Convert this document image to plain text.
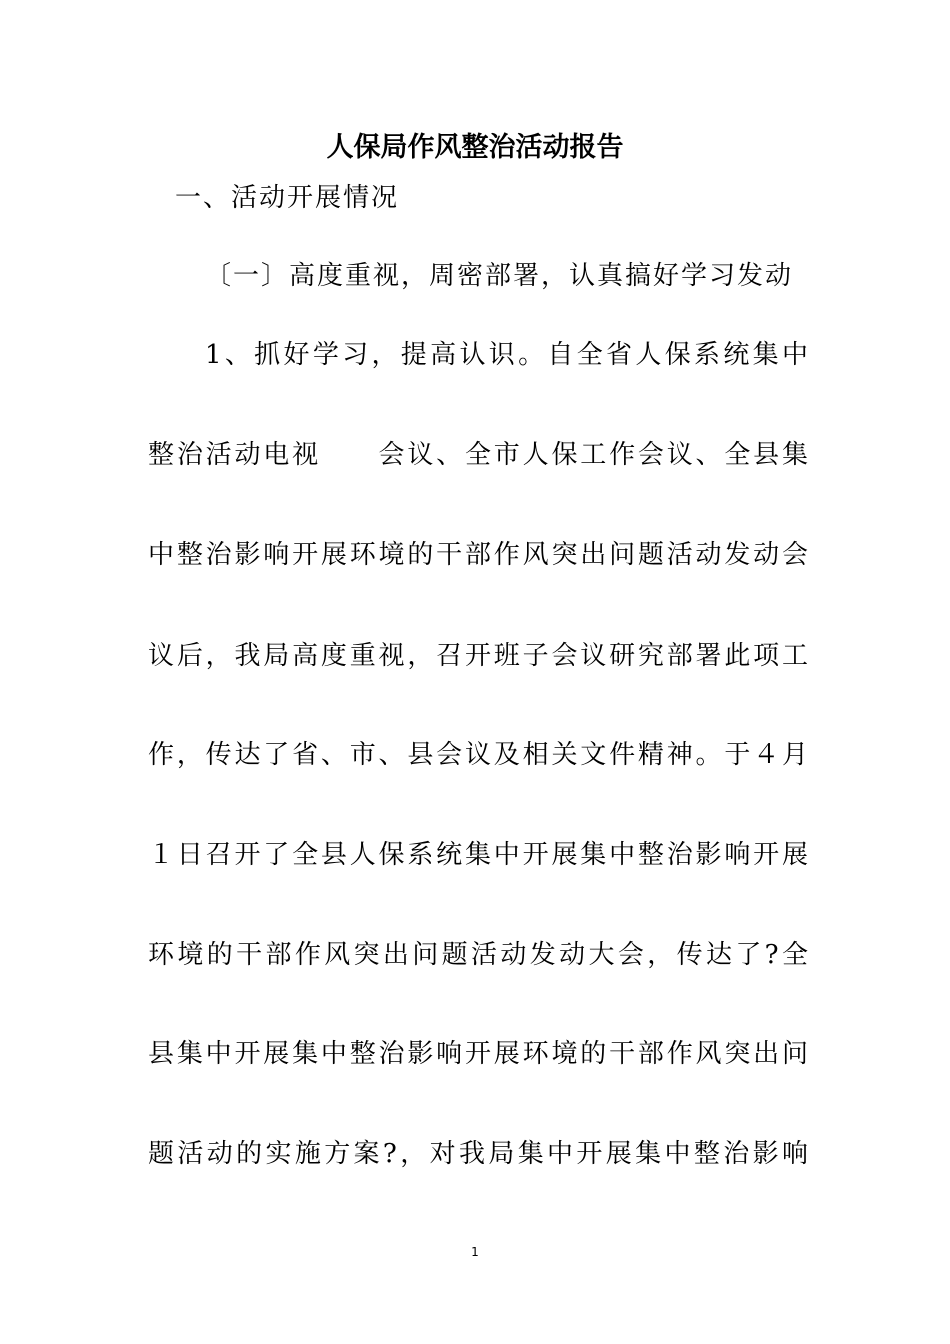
人保局作风整治活动报告
一、活动开展情况
〔一〕高度重视，周密部署，认真搞好学习发动
1、抓好学习，提高认识。自全省人保系统集中
整治活动电视　　会议、全市人保工作会议、全县集
中整治影响开展环境的干部作风突出问题活动发动会
议后，我局高度重视，召开班子会议研究部署此项工
作，传达了省、市、县会议及相关文件精神。于４月
１日召开了全县人保系统集中开展集中整治影响开展
环境的干部作风突出问题活动发动大会，传达了?全
县集中开展集中整治影响开展环境的干部作风突出问
题活动的实施方案?，对我局集中开展集中整治影响
1
